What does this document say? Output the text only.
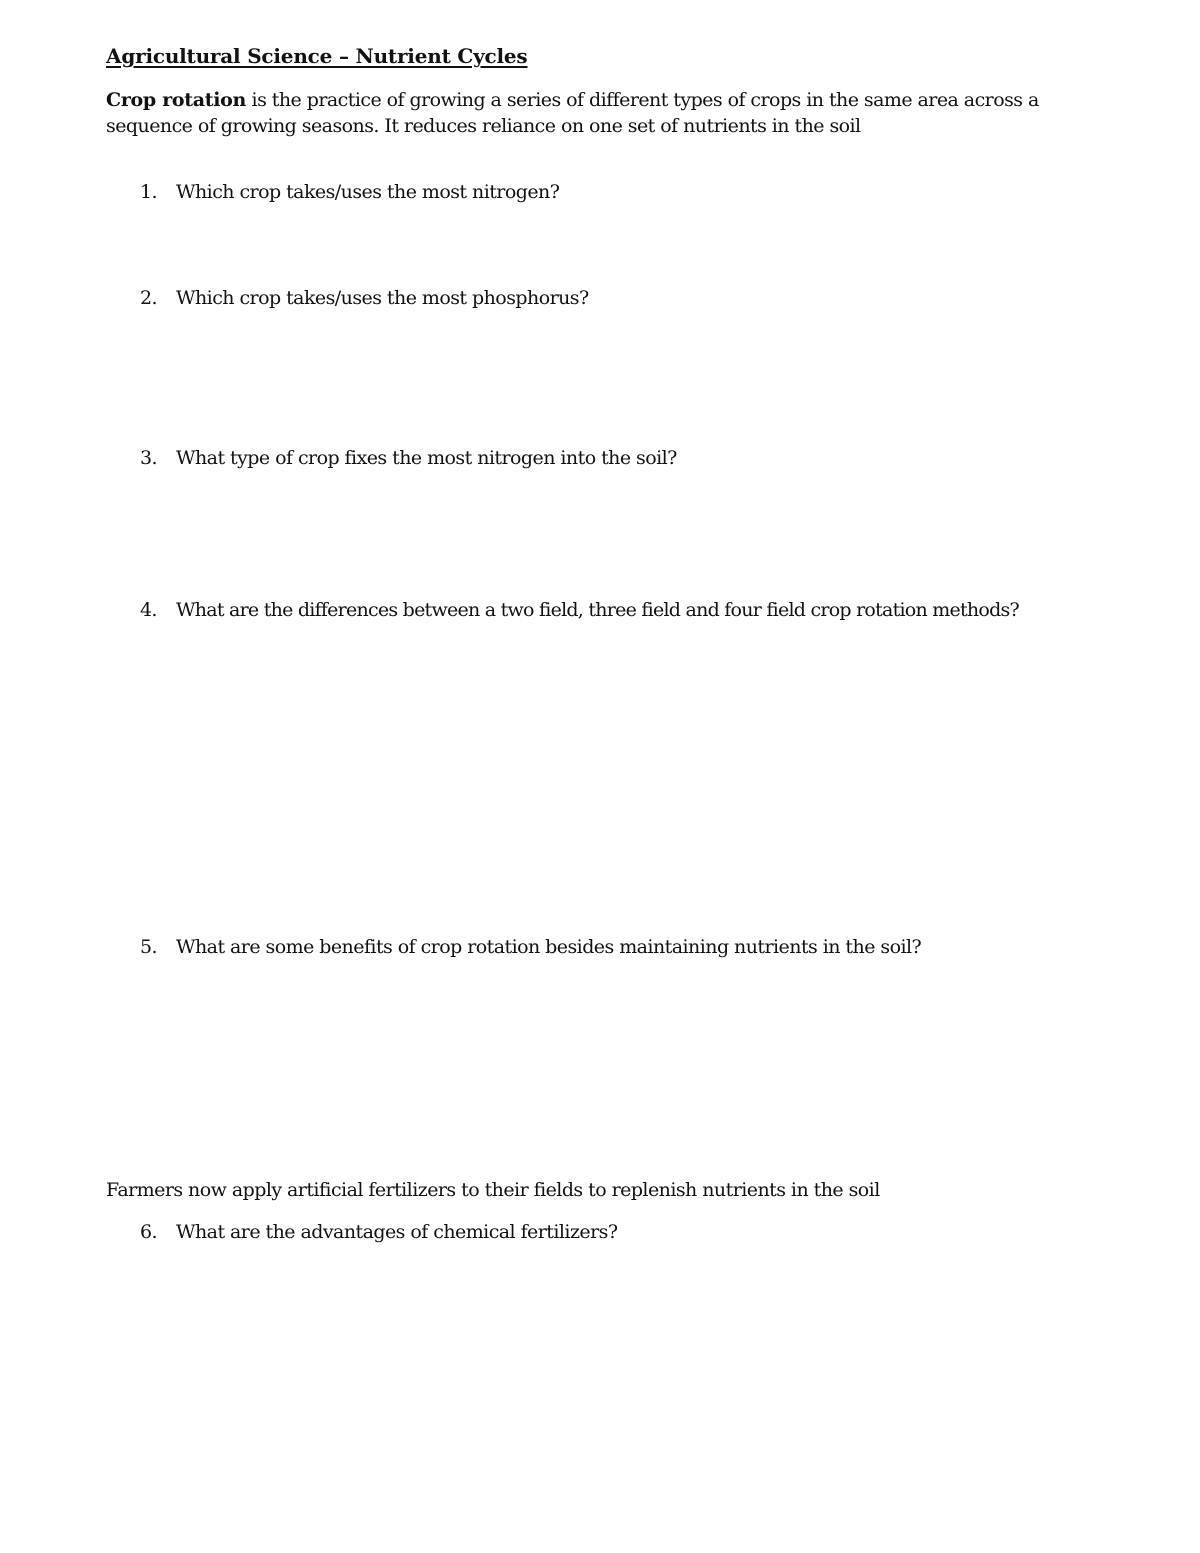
Agricultural Science – Nutrient Cycles
Crop rotation is the practice of growing a series of different types of crops in the same area across a sequence of growing seasons. It reduces reliance on one set of nutrients in the soil
1. Which crop takes/uses the most nitrogen?
2. Which crop takes/uses the most phosphorus?
3. What type of crop fixes the most nitrogen into the soil?
4. What are the differences between a two field, three field and four field crop rotation methods?
5. What are some benefits of crop rotation besides maintaining nutrients in the soil?
Farmers now apply artificial fertilizers to their fields to replenish nutrients in the soil
6. What are the advantages of chemical fertilizers?
